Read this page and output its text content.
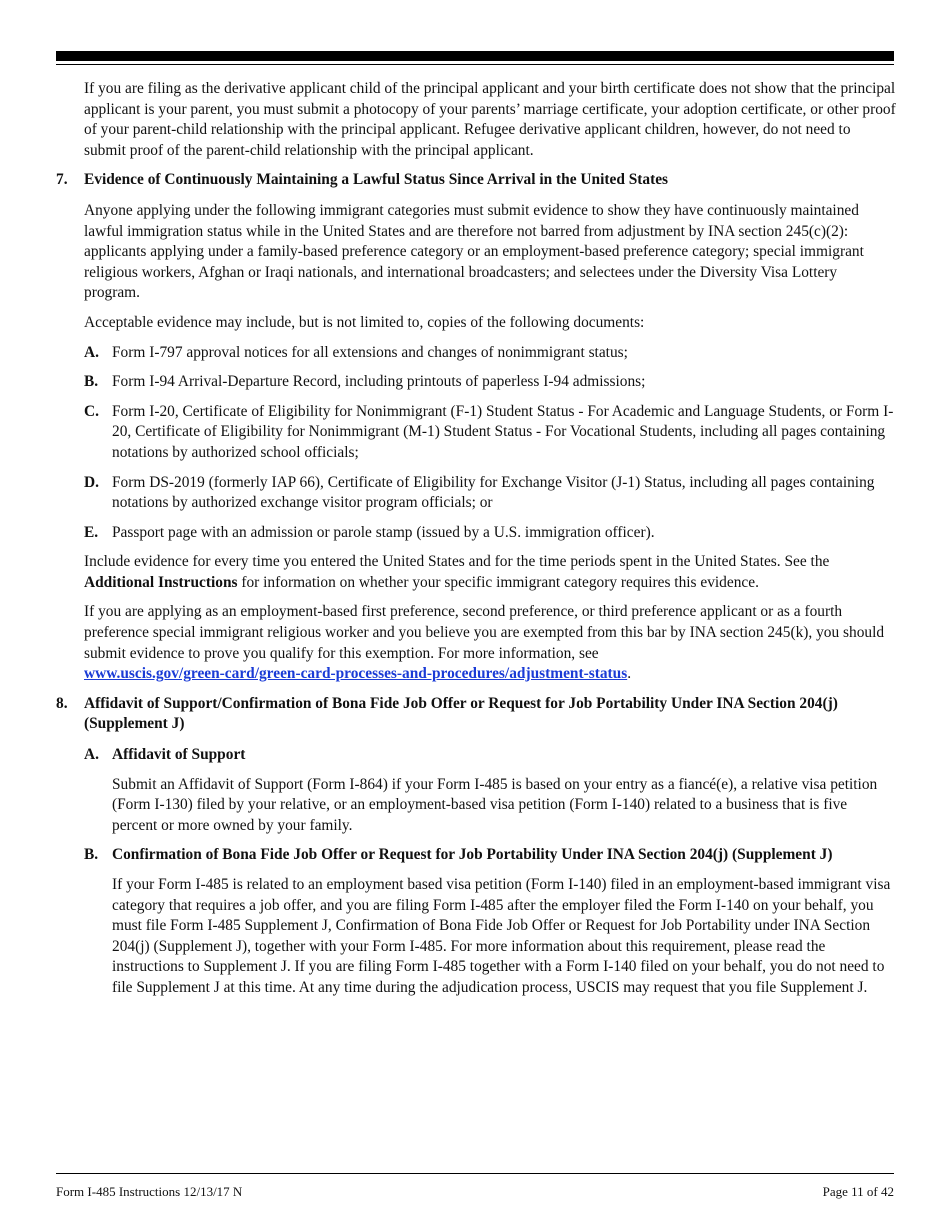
If you are filing as the derivative applicant child of the principal applicant and your birth certificate does not show that the principal applicant is your parent, you must submit a photocopy of your parents’ marriage certificate, your adoption certificate, or other proof of your parent-child relationship with the principal applicant. Refugee derivative applicant children, however, do not need to submit proof of the parent-child relationship with the principal applicant.

7. Evidence of Continuously Maintaining a Lawful Status Since Arrival in the United States

Anyone applying under the following immigrant categories must submit evidence to show they have continuously maintained lawful immigration status while in the United States and are therefore not barred from adjustment by INA section 245(c)(2): applicants applying under a family-based preference category or an employment-based preference category; special immigrant religious workers, Afghan or Iraqi nationals, and international broadcasters; and selectees under the Diversity Visa Lottery program.

Acceptable evidence may include, but is not limited to, copies of the following documents:

A. Form I-797 approval notices for all extensions and changes of nonimmigrant status;

B. Form I-94 Arrival-Departure Record, including printouts of paperless I-94 admissions;

C. Form I-20, Certificate of Eligibility for Nonimmigrant (F-1) Student Status - For Academic and Language Students, or Form I-20, Certificate of Eligibility for Nonimmigrant (M-1) Student Status - For Vocational Students, including all pages containing notations by authorized school officials;

D. Form DS-2019 (formerly IAP 66), Certificate of Eligibility for Exchange Visitor (J-1) Status, including all pages containing notations by authorized exchange visitor program officials; or

E. Passport page with an admission or parole stamp (issued by a U.S. immigration officer).

Include evidence for every time you entered the United States and for the time periods spent in the United States. See the Additional Instructions for information on whether your specific immigrant category requires this evidence.

If you are applying as an employment-based first preference, second preference, or third preference applicant or as a fourth preference special immigrant religious worker and you believe you are exempted from this bar by INA section 245(k), you should submit evidence to prove you qualify for this exemption. For more information, see
www.uscis.gov/green-card/green-card-processes-and-procedures/adjustment-status.

8. Affidavit of Support/Confirmation of Bona Fide Job Offer or Request for Job Portability Under INA Section 204(j) (Supplement J)

A. Affidavit of Support

Submit an Affidavit of Support (Form I-864) if your Form I-485 is based on your entry as a fiancé(e), a relative visa petition (Form I-130) filed by your relative, or an employment-based visa petition (Form I-140) related to a business that is five percent or more owned by your family.

B. Confirmation of Bona Fide Job Offer or Request for Job Portability Under INA Section 204(j) (Supplement J)

If your Form I-485 is related to an employment based visa petition (Form I-140) filed in an employment-based immigrant visa category that requires a job offer, and you are filing Form I-485 after the employer filed the Form I-140 on your behalf, you must file Form I-485 Supplement J, Confirmation of Bona Fide Job Offer or Request for Job Portability under INA Section 204(j) (Supplement J), together with your Form I-485. For more information about this requirement, please read the instructions to Supplement J. If you are filing Form I-485 together with a Form I-140 filed on your behalf, you do not need to file Supplement J at this time. At any time during the adjudication process, USCIS may request that you file Supplement J.

Form I-485 Instructions 12/13/17 N	Page 11 of 42
